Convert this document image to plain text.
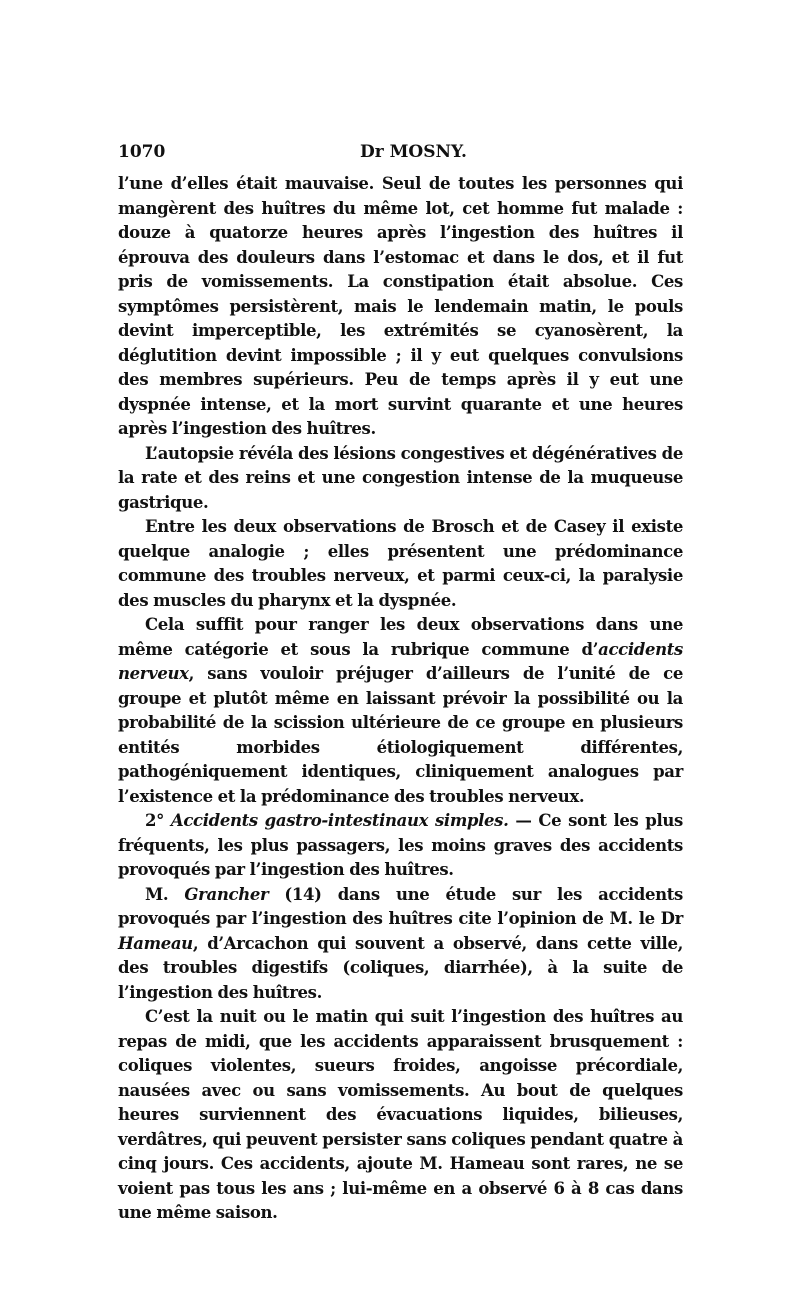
1070	Dr MOSNY.

l’une d’elles était mauvaise. Seul de toutes les personnes qui mangèrent des huîtres du même lot, cet homme fut malade : douze à quatorze heures après l’ingestion des huîtres il éprouva des douleurs dans l’estomac et dans le dos, et il fut pris de vomissements. La constipation était absolue. Ces symptômes persistèrent, mais le lendemain matin, le pouls devint imperceptible, les extrémités se cyanosèrent, la déglutition devint impossible ; il y eut quelques convulsions des membres supérieurs. Peu de temps après il y eut une dyspnée intense, et la mort survint quarante et une heures après l’ingestion des huîtres.

L’autopsie révéla des lésions congestives et dégénératives de la rate et des reins et une congestion intense de la muqueuse gastrique.

Entre les deux observations de Brosch et de Casey il existe quelque analogie ; elles présentent une prédominance commune des troubles nerveux, et parmi ceux-ci, la paralysie des muscles du pharynx et la dyspnée.

Cela suffit pour ranger les deux observations dans une même catégorie et sous la rubrique commune d’accidents nerveux, sans vouloir préjuger d’ailleurs de l’unité de ce groupe et plutôt même en laissant prévoir la possibilité ou la probabilité de la scission ultérieure de ce groupe en plusieurs entités morbides étiologiquement différentes, pathogéniquement identiques, cliniquement analogues par l’existence et la prédominance des troubles nerveux.

2° Accidents gastro-intestinaux simples. — Ce sont les plus fréquents, les plus passagers, les moins graves des accidents provoqués par l’ingestion des huîtres.

M. Grancher (14) dans une étude sur les accidents provoqués par l’ingestion des huîtres cite l’opinion de M. le Dr Hameau, d’Arcachon qui souvent a observé, dans cette ville, des troubles digestifs (coliques, diarrhée), à la suite de l’ingestion des huîtres.

C’est la nuit ou le matin qui suit l’ingestion des huîtres au repas de midi, que les accidents apparaissent brusquement : coliques violentes, sueurs froides, angoisse précordiale, nausées avec ou sans vomissements. Au bout de quelques heures surviennent des évacuations liquides, bilieuses, verdâtres, qui peuvent persister sans coliques pendant quatre à cinq jours. Ces accidents, ajoute M. Hameau sont rares, ne se voient pas tous les ans ; lui-même en a observé 6 à 8 cas dans une même saison.
